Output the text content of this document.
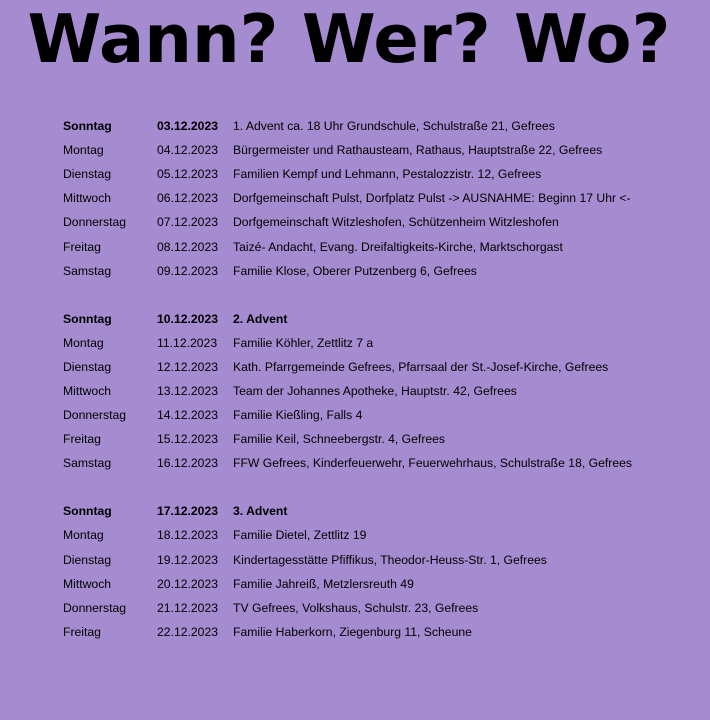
Wann? Wer? Wo?
Sonntag	03.12.2023	1. Advent ca. 18 Uhr Grundschule, Schulstraße 21, Gefrees
Montag	04.12.2023	Bürgermeister und Rathausteam, Rathaus, Hauptstraße 22, Gefrees
Dienstag	05.12.2023	Familien Kempf und Lehmann, Pestalozzistr. 12, Gefrees
Mittwoch	06.12.2023	Dorfgemeinschaft Pulst, Dorfplatz Pulst -> AUSNAHME: Beginn 17 Uhr <-
Donnerstag	07.12.2023	Dorfgemeinschaft Witzleshofen, Schützenheim Witzleshofen
Freitag	08.12.2023	Taizé- Andacht, Evang. Dreifaltigkeits-Kirche, Marktschorgast
Samstag	09.12.2023	Familie Klose, Oberer Putzenberg 6, Gefrees
Sonntag	10.12.2023	2. Advent
Montag	11.12.2023	Familie Köhler, Zettlitz 7 a
Dienstag	12.12.2023	Kath. Pfarrgemeinde Gefrees, Pfarrsaal der St.-Josef-Kirche, Gefrees
Mittwoch	13.12.2023	Team der Johannes Apotheke, Hauptstr. 42, Gefrees
Donnerstag	14.12.2023	Familie Kießling, Falls 4
Freitag	15.12.2023	Familie Keil, Schneebergstr. 4, Gefrees
Samstag	16.12.2023	FFW Gefrees, Kinderfeuerwehr, Feuerwehrhaus, Schulstraße 18, Gefrees
Sonntag	17.12.2023	3. Advent
Montag	18.12.2023	Familie Dietel, Zettlitz 19
Dienstag	19.12.2023	Kindertagesstätte Pfiffikus, Theodor-Heuss-Str. 1, Gefrees
Mittwoch	20.12.2023	Familie Jahreiß, Metzlersreuth 49
Donnerstag	21.12.2023	TV Gefrees, Volkshaus, Schulstr. 23, Gefrees
Freitag	22.12.2023	Familie Haberkorn, Ziegenburg 11, Scheune
